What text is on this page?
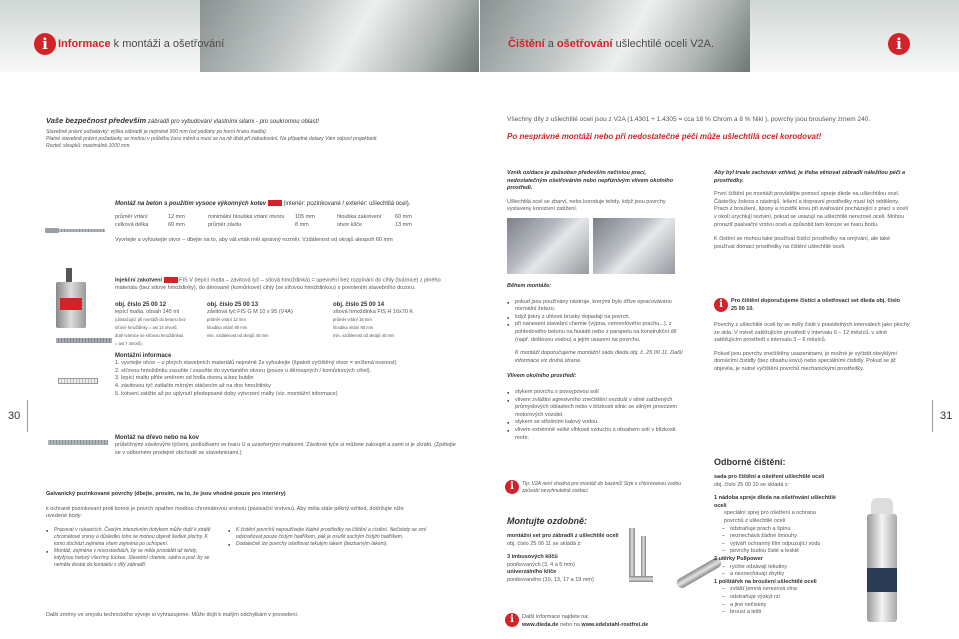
i Informace k montáži a ošetřování	i
Čištění a ošetřování ušlechtilé oceli V2A.
30	31
Vaše bezpečnost především zábradlí pro vybudování vlastními silami - pro soukromou oblast!
Stavebně právní požadavky: výška zábradlí je nejméně 900 mm (od podlahy po horní hranu madla).
Platné stavebně právní požadavky se mohou v průběhu času měnit a musí se na ně dbát při zabudování. Na případné dotazy Vám odpoví projektanti.
Rozteč sloupků: maximálně 1000 mm.
Montáž na beton s použitím vysoce výkonných kotev	(interiér: pozinkované / exteriér: ušlechtilá ocel).
průměr vrtání	12 mm	minimální hloubka vrtání otvoru	105 mm	hloubka zakotvení	60 mm
celková délka	60 mm	průměr závitu	8 mm	otvor klíče	13 mm
Vyvrtejte a vyfoukejte otvor – dbejte na to, aby vál.vrták měl správný rozměr. Vzdálenost od okrajů alespoň 60 mm
Injekční zakotvení	FIS V (lepící malta – závitová tyč – sítová hmoždinka) = upevnění bez rozpínání do cihly (tvárnice) z plného materiálu (bez sítové hmoždinky), do děrované (komůrkové) cihly (se síťovou hmoždinkou) s povolením stavebního dozoru.
obj. číslo 25 00 12
lepící malta, obsah 145 ml
(dostačující při montáži do betonu bez
síťové hmoždinky = asi 14 otvorů,
duté tvárnice se síťovou hmoždinkou
= asi 7 otvorů).
obj. číslo 25 00 13
závitová tyč FIS G M 10 x 95 (V4A)
průměr vrtání 12 mm
hloubka vrtání 80 mm
min. vzdálenost od okrajů 40 mm
obj. číslo 25 00 14
sítová hmoždinka FIS H 16x70 K
průměr vrtání 16 mm
hloubka vrtání 80 mm
min. vzdálenost od okrajů 40 mm
Montážní informace
1. vyvrtejte otvor – u plných stavebních materiálů nejméně 2x vyfoukejte (špatně vyčištěný otvor = snížená nosnost)
2. síťovou hmoždinku zasuňte / zasuňte do vyvrtaného otvoru (pouze u děrovaných / komůrkových cihel).
3. lepící maltu plňte směrem od hrdla otvoru a bez bublin
4. závitovou tyč zatlačte mírným otáčením až na dno hmoždinky
5. kotvení zatižte až po uplynutí předepsané doby vytvrzení malty (viz. montážní informace)
Montáž na dřevo nebo na kov
průběžnými závitovými týčemi, podložkami ve tvaru U a uzavřenými maticemi. Závitové tyče si můžete zakoupit a sami si je zkrátit. (Zpětejte se v odborném prodejně obchodě se stavebninami.)
Galvanický pozinkované povrchy (dbejte, prosím, na to, že jsou vhodné pouze pro interiéry)
k ochraně pozinkovaní proti korozi je povrch opatřen modrou chromátovou vrstvou (pasivační vrstvou). Aby měla stále pěkný vzhled, dodržujte níže uvedené body:
● Pracovat v rukavicích. Častým intenzivním dotykem může dojít k ztrátě chromátové vrstvy a důsledku toho se mohou objevit šedivé plochy. K tomu dochází zejména všem zejména po uchopení.
● Montáž, zejména v novostavbách, by se měla provádět až tehdy, kdyžjsou hotový všechny tuckee. Stavební chemie, sádra a pod. by se neměla dostat do kontaktu s díly zábradlí.
● K čistění povrchů nepoužívejte žádné prostředky na čištění a cístění. Nečistoty se smí odstraňovat pouze čistým hadříkem, pak je osušit suchým čistým hadříkem.
● Dodatečně lze povrchy ošetřovat tekutým lakem (bezbarvým lakem).
Další změny ve smyslu technického vývoje si vyhrazujeme. Může dojít k malým odchylkám v provedení.
Všechny díly z ušlechtilé oceli jsou z V2A (1.4301 + 1.4305 = cca 18 % Chrom a 8 % Nikl ), povrchy jsou broušeny zrnem 240.
Po nesprávné montáži nebo při nedostatečné péči může ušlechtilá ocel korodovat!
Vznik oxidace je způsoben především nečistou prací, nedostatečným ošetřováním nebo nepříznivým vlivem okolního prostředí.
Ušlechtilá ocel se zbarví, nebo koroduje tehdy, když jsou povrchy vystaveny korozivní zatížení.
Aby byl trvale zachován vzhled, je třeba věnovat zábradlí náležitou péči a prostředky.
První čištění po montáži provádějte pomocí spreje dlede na ušlechtilou ocel. Částečky železa z nástrojů, lešení a dopravní prostředky musí být odděleny. Prach z broušení, špony a rozstřik kovu při svařování pocházející z prací s ocelí v okolí urychlují reziviní, pokud se usazují na ušlechtilé nerezové oceli. Mohou proraziť pasivační vrstvu oceli a způsobit tam koroze ve tvaru bodu.
K čistění se mohou také používat čistící prostředky na omývání, ale také používat domácí prostředky na čištění ušlechtilé oceli.
Během montáže:
● pokud jsou používány nástroje, krerými bylo dříve opracováváno normální železo.
● když jiskry z úhlové brusky dopadají na povrch.
● při nanesení stavební chemie (výpna, cementového prachu,..), z pohledového betonu na fasádě nebo z parapetu na konstrukční díl (např. deštovou vodou) a jejím usazení na povrchu.
K montáži doporučujeme montážní sadu dleda obj. č. 25 00 11. Další informace viz druhá strana.
Vlivem okolního prostředí:
● stykem povrchu s povsypovou solí
● vlivem zvláštní agresivního znečištění ovzduší v silně zatížených průmyslových oblastech nebo v blízkosti silnic se silným provozem motorových vozidel.
● stykem se střešními kalový vodou.
● vlivem extrémně velké vlhkosti vzduchu s obsahem solí v blízkosti moře.
i	Tip: V2A není vhodná pro montáž do bazénů! Styk s chlorovanou vodou způsobí nevyhnutelné oxidaci.
Montujte ozdobně:
montážní set pro zábradlí z ušlechtilé oceli
obj. číslo 25 00 11 se skládá z:
3 imbusových klíčů
ponikovaných (3, 4 a 5 mm)
univerzálního klíče
ponikovaného (10, 13, 17 a 19 mm)
i	Další informace najdete na:
www.dieda.de nebo na www.edelstahl-rostfrei.de
i	Pro čištění doporučujeme čisticí a ošetřovací set dleda obj. číslo 25 00 10.
Povrchy z ušlechtilé oceli by se měly čistit v pravidelných intervalech jako plochy ze skla. V méně zatěžujícím prostředí v intervalu 6 – 12 měsíců, v silně zatěžujícím prostředí v intervalu 3 – 6 měsíců.
Pokud jsou povrchy znečištěny usazeninami, je možné je vyčistit obvyklými domácími čistidly (bez obsahu kovu) nebo speciálními čistidly. Pokud se již objevila, je nutné vyčištění povrchů mechanickými prostředky.
Odborné čištění:
sada pro čištění a ošetření ušlechtilé oceli
obj. číslo 25 00 10 se skládá z:
1 nádoba spreje dleda na ošetřování ušlechtilé oceli
speciální sprej pro ošetření a ochranu
povrchů z ušlechtilé oceli
– odstraňuje prach a špínu
– neznechává žádné šmouhy
– vytváří ochranný film odpuzující vodu
– povrchy budou čisté a lesklé
2 utěrky Pullpower
– rychle odsávají tekutiny
– a neznechávají zbytky
1 polštářek na broušení ušlechtilé oceli
– zvlášť jemná nerezová vlna
– odstraňuje výskyt rzi
– a jiné nečistoty
– brousí a lešti
